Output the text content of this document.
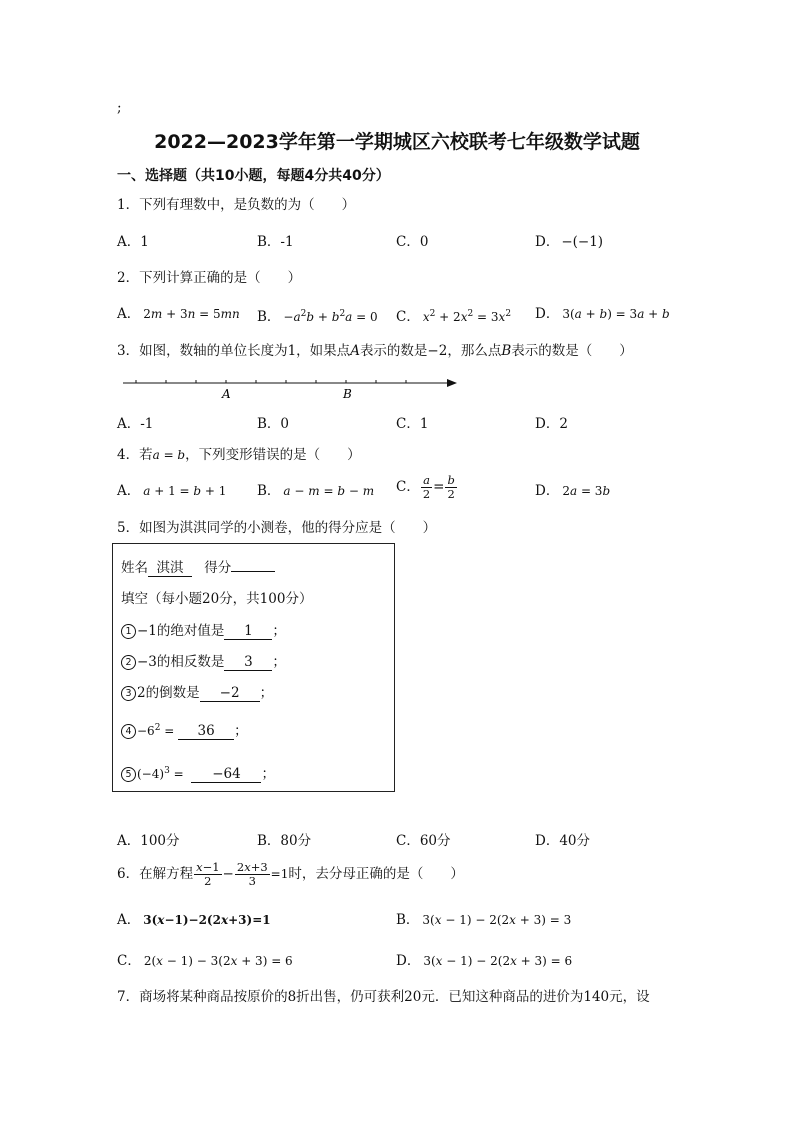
;
2022—2023学年第一学期城区六校联考七年级数学试题
一、选择题（共10小题，每题4分共40分）
1．下列有理数中，是负数的为（　　）
A．1	B．-1	C．0	D． −(−1)
2．下列计算正确的是（　　）
A． 2m + 3n = 5mn B． $-a^2b + b^2a = 0$ C． $x^2 + 2x^2 = 3x^2$ D． 3(a + b) = 3a + b
3．如图，数轴的单位长度为1，如果点A表示的数是−2，那么点B表示的数是（　　）
A	B
A．-1	B．0	C．1	D．2
4．若a = b，下列变形错误的是（　　）
A． a + 1 = b + 1 B． a − m = b − m C． $\frac{a}{2} = \frac{b}{2}$	D． 2a = 3b
5．如图为淇淇同学的小测卷，他的得分应是（　　）
姓名 淇淇 得分
填空（每小题20分，共100分）
1 −1的绝对值是 1 ；
2 −3的相反数是 3 ；
3 2的倒数是 −2 ；
$4 -6^2 = 36$ ；
5 $(-4)^3 = -64$ ；
A．100分	B．80分	C．60分	D．40分
6．在解方程 $\frac{x-1}{2} - \frac{2x+3}{3} =1$时，去分母正确的是（　　）
A． 3(x−1)−2(2x+3)=1	B． 3(x − 1) − 2(2x + 3) = 3
C． 2(x − 1) − 3(2x + 3) = 6	D． 3(x − 1) − 2(2x + 3) = 6
7．商场将某种商品按原价的8折出售，仍可获利20元．已知这种商品的进价为140元，设
